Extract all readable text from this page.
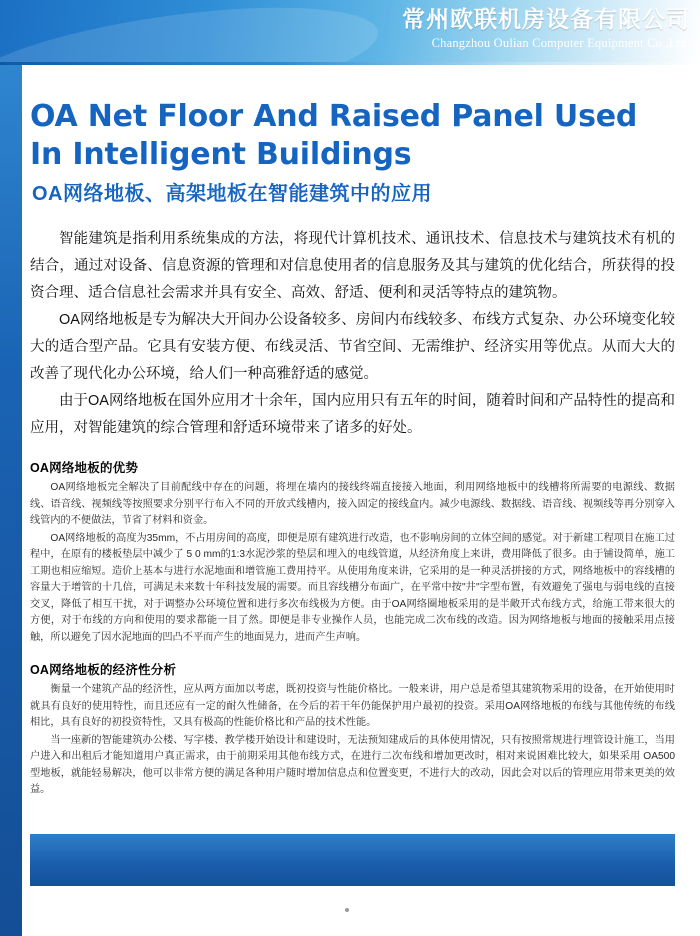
常州欧联机房设备有限公司
Changzhou Oulian Computer Equipment Co.,Ltd.
OA Net Floor And Raised Panel Used In Intelligent Buildings
OA网络地板、高架地板在智能建筑中的应用

智能建筑是指利用系统集成的方法，将现代计算机技术、通讯技术、信息技术与建筑技术有机的结合，通过对设备、信息资源的管理和对信息使用者的信息服务及其与建筑的优化结合，所获得的投资合理、适合信息社会需求并具有安全、高效、舒适、便利和灵活等特点的建筑物。

OA网络地板是专为解决大开间办公设备较多、房间内布线较多、布线方式复杂、办公环境变化较大的适合型产品。它具有安装方便、布线灵活、节省空间、无需维护、经济实用等优点。从而大大的改善了现代化办公环境，给人们一种高雅舒适的感觉。

由于OA网络地板在国外应用才十余年，国内应用只有五年的时间，随着时间和产品特性的提高和应用，对智能建筑的综合管理和舒适环境带来了诸多的好处。

OA网络地板的优势

OA网络地板完全解决了目前配线中存在的问题，将埋在墙内的接线终端直接接入地面，利用网络地板中的线槽将所需要的电源线、数据线、语音线、视频线等按照要求分别平行布入不同的开放式线槽内，接入固定的接线盒内。减少电源线、数据线、语音线、视频线等再分别穿入线管内的不便做法，节省了材料和资金。

OA网络地板的高度为35mm，不占用房间的高度，即便是原有建筑进行改造，也不影响房间的立体空间的感觉。对于新建工程项目在施工过程中，在原有的楼板垫层中减少了 5 0 mm的1:3水泥沙浆的垫层和埋入的电线管道，从经济角度上来讲，费用降低了很多。由于铺设简单，施工工期也相应缩短。造价上基本与进行水泥地面和增管施工费用持平。从使用角度来讲，它采用的是一种灵活拼接的方式，网络地板中的容线槽的容量大于增管的十几倍，可满足未来数十年科技发展的需要。而且容线槽分布面广，在平常中按"井"字型布置，有效避免了强电与弱电线的直接交叉，降低了相互干扰，对于调整办公环境位置和进行多次布线极为方便。由于OA网络圈地板采用的是半敞开式布线方式，给施工带来很大的方便，对于布线的方向和使用的要求都能一目了然。即便是非专业操作人员，也能完成二次布线的改造。因为网络地板与地面的接触采用点接触，所以避免了因水泥地面的凹凸不平而产生的地面晃力，进而产生声响。

OA网络地板的经济性分析

衡量一个建筑产品的经济性，应从两方面加以考虑，既初投资与性能价格比。一般来讲，用户总是希望其建筑物采用的设备，在开始使用时就具有良好的使用特性，而且还应有一定的耐久性储备，在今后的若干年仍能保护用户最初的投资。采用OA网络地板的布线与其他传统的布线相比，具有良好的初投资特性，又具有极高的性能价格比和产品的技术性能。

当一座新的智能建筑办公楼、写字楼、教学楼开始设计和建设时，无法预知建成后的具体使用情况，只有按照常规进行埋管设计施工，当用户进入和出租后才能知道用户真正需求，由于前期采用其他布线方式，在进行二次布线和增加更改时，相对来说困难比较大，如果采用 OA500 型地板，就能轻易解决，他可以非常方便的满足各种用户随时增加信息点和位置变更，不进行大的改动，因此会对以后的管理应用带来更美的效益。
